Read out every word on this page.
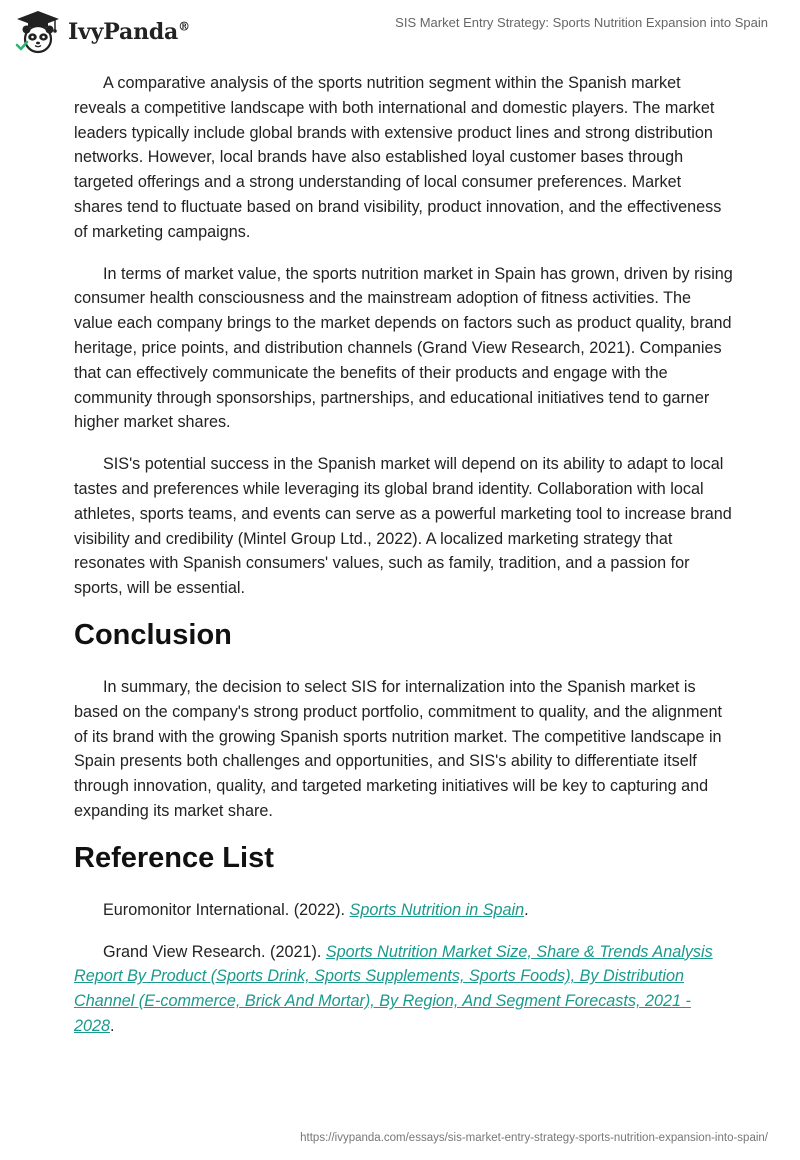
IvyPanda®	SIS Market Entry Strategy: Sports Nutrition Expansion into Spain

A comparative analysis of the sports nutrition segment within the Spanish market reveals a competitive landscape with both international and domestic players. The market leaders typically include global brands with extensive product lines and strong distribution networks. However, local brands have also established loyal customer bases through targeted offerings and a strong understanding of local consumer preferences. Market shares tend to fluctuate based on brand visibility, product innovation, and the effectiveness of marketing campaigns.

In terms of market value, the sports nutrition market in Spain has grown, driven by rising consumer health consciousness and the mainstream adoption of fitness activities. The value each company brings to the market depends on factors such as product quality, brand heritage, price points, and distribution channels (Grand View Research, 2021). Companies that can effectively communicate the benefits of their products and engage with the community through sponsorships, partnerships, and educational initiatives tend to garner higher market shares.

SIS's potential success in the Spanish market will depend on its ability to adapt to local tastes and preferences while leveraging its global brand identity. Collaboration with local athletes, sports teams, and events can serve as a powerful marketing tool to increase brand visibility and credibility (Mintel Group Ltd., 2022). A localized marketing strategy that resonates with Spanish consumers' values, such as family, tradition, and a passion for sports, will be essential.

Conclusion

In summary, the decision to select SIS for internalization into the Spanish market is based on the company's strong product portfolio, commitment to quality, and the alignment of its brand with the growing Spanish sports nutrition market. The competitive landscape in Spain presents both challenges and opportunities, and SIS's ability to differentiate itself through innovation, quality, and targeted marketing initiatives will be key to capturing and expanding its market share.

Reference List

Euromonitor International. (2022). Sports Nutrition in Spain.

Grand View Research. (2021). Sports Nutrition Market Size, Share & Trends Analysis Report By Product (Sports Drink, Sports Supplements, Sports Foods), By Distribution Channel (E-commerce, Brick And Mortar), By Region, And Segment Forecasts, 2021 - 2028.

https://ivypanda.com/essays/sis-market-entry-strategy-sports-nutrition-expansion-into-spain/
